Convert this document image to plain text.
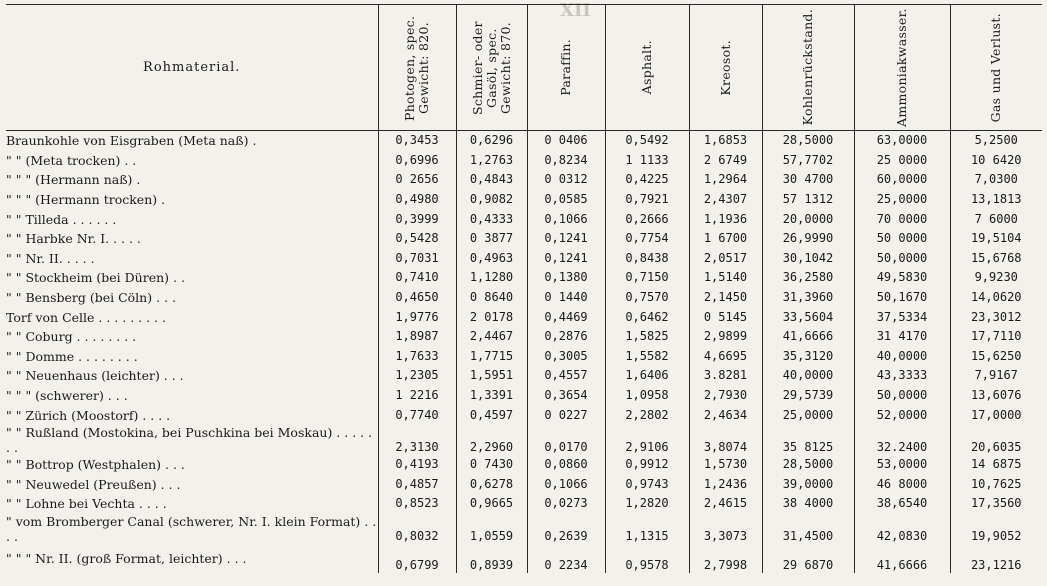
XII
Rohmaterial.	Photogen, spec. Gewicht: 820.	Schmier- oder Gasöl, spec. Gewicht: 870.	Paraffin.	Asphalt.	Kreosot.	Kohlenrückstand.	Ammoniakwasser.	Gas und Verlust.

Braunkohle von Eisgraben (Meta naß) .	0,3453	0,6296	0 0406	0,5492	1,6853	28,5000	63,0000	5,2500
" " (Meta trocken) . .	0,6996	1,2763	0,8234	1 1133	2 6749	57,7702	25 0000	10 6420
" " " (Hermann naß) .	0 2656	0,4843	0 0312	0,4225	1,2964	30 4700	60,0000	7,0300
" " " (Hermann trocken) .	0,4980	0,9082	0,0585	0,7921	2,4307	57 1312	25,0000	13,1813
" " Tilleda . . . . . .	0,3999	0,4333	0,1066	0,2666	1,1936	20,0000	70 0000	7 6000
" " Harbke Nr. I. . . . .	0,5428	0 3877	0,1241	0,7754	1 6700	26,9990	50 0000	19,5104
" " Nr. II. . . . .	0,7031	0,4963	0,1241	0,8438	2,0517	30,1042	50,0000	15,6768
" " Stockheim (bei Düren) . .	0,7410	1,1280	0,1380	0,7150	1,5140	36,2580	49,5830	9,9230
" " Bensberg (bei Cöln) . . .	0,4650	0 8640	0 1440	0,7570	2,1450	31,3960	50,1670	14,0620
Torf von Celle . . . . . . . . .	1,9776	2 0178	0,4469	0,6462	0 5145	33,5604	37,5334	23,3012
" " Coburg . . . . . . . .	1,8987	2,4467	0,2876	1,5825	2,9899	41,6666	31 4170	17,7110
" " Domme . . . . . . . .	1,7633	1,7715	0,3005	1,5582	4,6695	35,3120	40,0000	15,6250
" " Neuenhaus (leichter) . . .	1,2305	1,5951	0,4557	1,6406	3.8281	40,0000	43,3333	7,9167
" " " (schwerer) . . .	1 2216	1,3391	0,3654	1,0958	2,7930	29,5739	50,0000	13,6076
" " Zürich (Moostorf) . . . .	0,7740	0,4597	0 0227	2,2802	2,4634	25,0000	52,0000	17,0000
" " Rußland (Mostokina, bei Puschkina bei Moskau) . . . . . . .	2,3130	2,2960	0,0170	2,9106	3,8074	35 8125	32.2400	20,6035
" " Bottrop (Westphalen) . . .	0,4193	0 7430	0,0860	0,9912	1,5730	28,5000	53,0000	14 6875
" " Neuwedel (Preußen) . . .	0,4857	0,6278	0,1066	0,9743	1,2436	39,0000	46 8000	10,7625
" " Lohne bei Vechta . . . .	0,8523	0,9665	0,0273	1,2820	2,4615	38 4000	38,6540	17,3560
" vom Bromberger Canal (schwerer, Nr. I. klein Format) . . . .	0,8032	1,0559	0,2639	1,1315	3,3073	31,4500	42,0830	19,9052
" " " Nr. II. (groß Format, leichter) . . .	0,6799	0,8939	0 2234	0,9578	2,7998	29 6870	41,6666	23,1216
